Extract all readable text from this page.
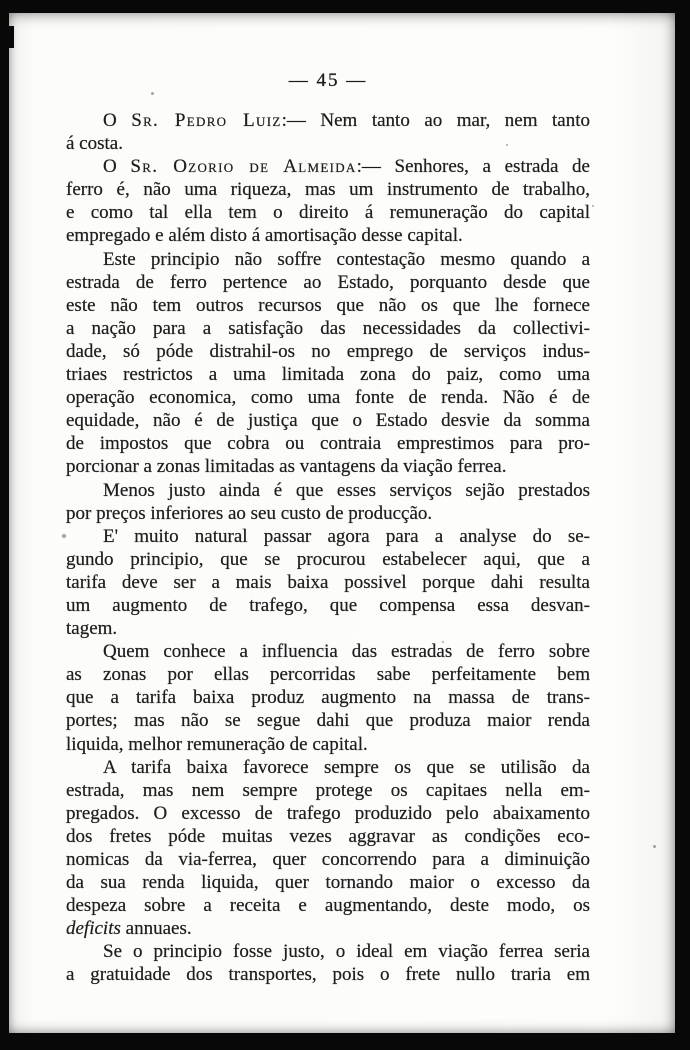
— 45 —
O Sr. Pedro Luiz:— Nem tanto ao mar, nem tanto
á costa.
O Sr. Ozorio de Almeida:— Senhores, a estrada de
ferro é, não uma riqueza, mas um instrumento de trabalho,
e como tal ella tem o direito á remuneração do capital
empregado e além disto á amortisação desse capital.
Este principio não soffre contestação mesmo quando a
estrada de ferro pertence ao Estado, porquanto desde que
este não tem outros recursos que não os que lhe fornece
a nação para a satisfação das necessidades da collectivi-
dade, só póde distrahil-os no emprego de serviços indus-
triaes restrictos a uma limitada zona do paiz, como uma
operação economica, como uma fonte de renda. Não é de
equidade, não é de justiça que o Estado desvie da somma
de impostos que cobra ou contraia emprestimos para pro-
porcionar a zonas limitadas as vantagens da viação ferrea.
Menos justo ainda é que esses serviços sejão prestados
por preços inferiores ao seu custo de producção.
E' muito natural passar agora para a analyse do se-
gundo principio, que se procurou estabelecer aqui, que a
tarifa deve ser a mais baixa possivel porque dahi resulta
um augmento de trafego, que compensa essa desvan-
tagem.
Quem conhece a influencia das estradas de ferro sobre
as zonas por ellas percorridas sabe perfeitamente bem
que a tarifa baixa produz augmento na massa de trans-
portes; mas não se segue dahi que produza maior renda
liquida, melhor remuneração de capital.
A tarifa baixa favorece sempre os que se utilisão da
estrada, mas nem sempre protege os capitaes nella em-
pregados. O excesso de trafego produzido pelo abaixamento
dos fretes póde muitas vezes aggravar as condições eco-
nomicas da via-ferrea, quer concorrendo para a diminuição
da sua renda liquida, quer tornando maior o excesso da
despeza sobre a receita e augmentando, deste modo, os
deficits annuaes.
Se o principio fosse justo, o ideal em viação ferrea seria
a gratuidade dos transportes, pois o frete nullo traria em
